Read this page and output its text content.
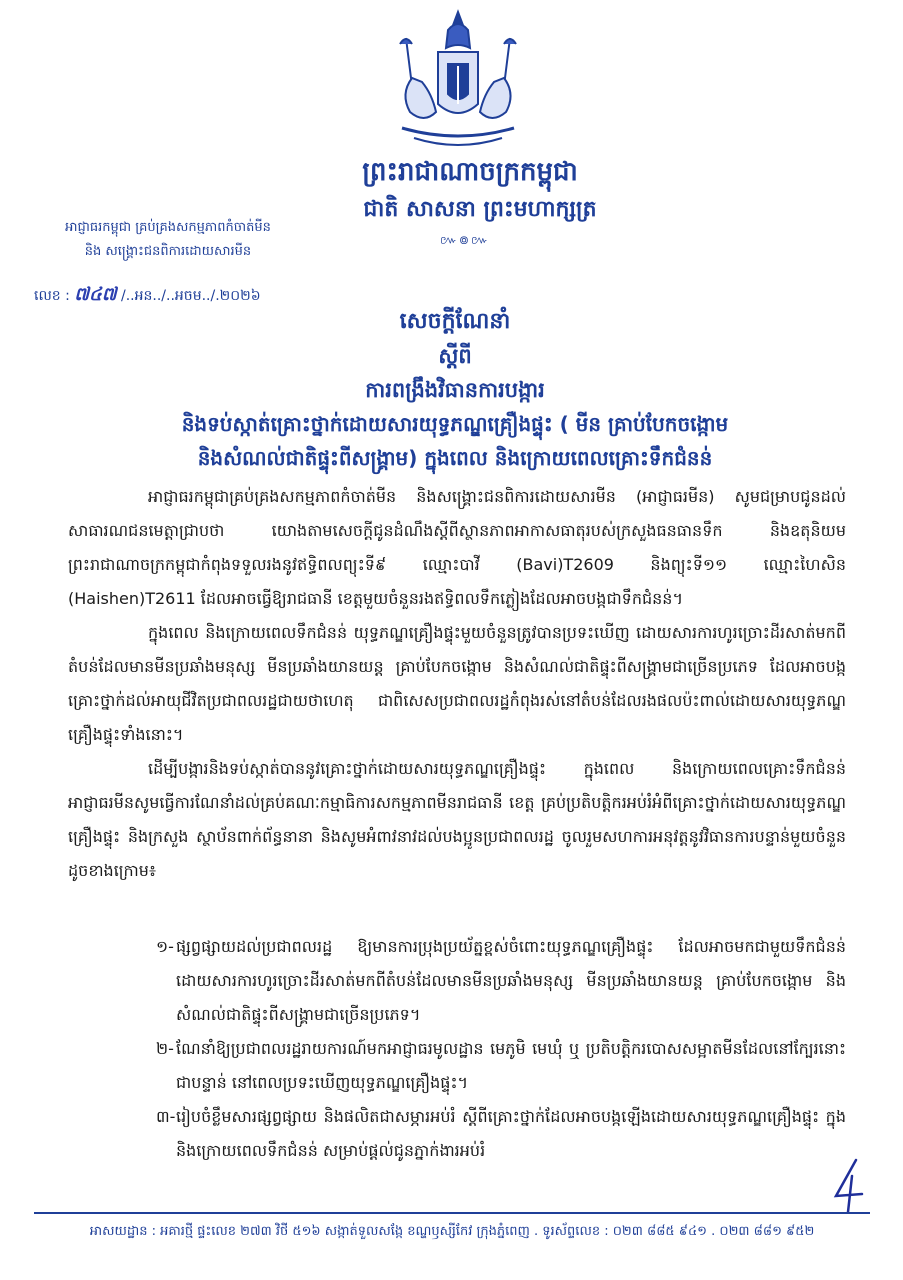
ព្រះរាជាណាចក្រកម្ពុជា
ជាតិ សាសនា ព្រះមហាក្សត្រ
៚៙៚
អាជ្ញាធរកម្ពុជា គ្រប់គ្រងសកម្មភាពកំចាត់មីន
និង សង្គ្រោះជនពិការដោយសារមីន
លេខ : ៧៤៧ /..អន../..អចម../.២០២៦
សេចក្តីណែនាំ
ស្តីពី
ការពង្រឹងវិធានការបង្ការ
និងទប់ស្កាត់គ្រោះថ្នាក់ដោយសារយុទ្ធភណ្ឌគ្រឿងផ្ទុះ ( មីន គ្រាប់បែកចង្កោម
និងសំណល់ជាតិផ្ទុះពីសង្គ្រាម) ក្នុងពេល និងក្រោយពេលគ្រោះទឹកជំនន់

អាជ្ញាធរកម្ពុជាគ្រប់គ្រងសកម្មភាពកំចាត់មីន និងសង្គ្រោះជនពិការដោយសារមីន (អាជ្ញាធរមីន) សូមជម្រាបជូនដល់សាធារណជនមេត្តាជ្រាបថា យោងតាមសេចក្តីជូនដំណឹងស្តីពីស្ថានភាពអាកាសធាតុរបស់ក្រសួងធនធានទឹក និងឧតុនិយម ព្រះរាជាណាចក្រកម្ពុជាកំពុងទទួលរងនូវឥទ្ធិពលព្យុះទី៩ ឈ្មោះបាវី (Bavi)T2609 និងព្យុះទី១១ ឈ្មោះហៃសិន (Haishen)T2611 ដែលអាចធ្វើឱ្យរាជធានី ខេត្តមួយចំនួនរងឥទ្ធិពលទឹកភ្លៀងដែលអាចបង្កជាទឹកជំនន់។

ក្នុងពេល និងក្រោយពេលទឹកជំនន់ យុទ្ធភណ្ឌគ្រឿងផ្ទុះមួយចំនួនត្រូវបានប្រទះឃើញ ដោយសារការហូរច្រោះដីរសាត់មកពីតំបន់ដែលមានមីនប្រឆាំងមនុស្ស មីនប្រឆាំងយានយន្ត គ្រាប់បែកចង្កោម និងសំណល់ជាតិផ្ទុះពីសង្គ្រាមជាច្រើនប្រភេទ ដែលអាចបង្កគ្រោះថ្នាក់ដល់អាយុជីវិតប្រជាពលរដ្ឋជាយថាហេតុ ជាពិសេសប្រជាពលរដ្ឋកំពុងរស់នៅតំបន់ដែលរងផលប៉ះពាល់ដោយសារយុទ្ធភណ្ឌគ្រឿងផ្ទុះទាំងនោះ។

ដើម្បីបង្ការនិងទប់ស្កាត់បាននូវគ្រោះថ្នាក់ដោយសារយុទ្ធភណ្ឌគ្រឿងផ្ទុះ ក្នុងពេល និងក្រោយពេលគ្រោះទឹកជំនន់ អាជ្ញាធរមីនសូមធ្វើការណែនាំដល់គ្រប់គណៈកម្មាធិការសកម្មភាពមីនរាជធានី ខេត្ត គ្រប់ប្រតិបត្តិករអប់រំអំពីគ្រោះថ្នាក់ដោយសារយុទ្ធភណ្ឌគ្រឿងផ្ទុះ និងក្រសួង ស្ថាប័នពាក់ព័ន្ធនានា និងសូមអំពាវនាវដល់បងប្អូនប្រជាពលរដ្ឋ ចូលរួមសហការអនុវត្តនូវវិធានការបន្ទាន់មួយចំនួនដូចខាងក្រោម៖

១- ផ្សព្វផ្សាយដល់ប្រជាពលរដ្ឋ ឱ្យមានការប្រុងប្រយ័ត្នខ្ពស់ចំពោះយុទ្ធភណ្ឌគ្រឿងផ្ទុះ ដែលអាចមកជាមួយទឹកជំនន់ ដោយសារការហូរច្រោះដីរសាត់មកពីតំបន់ដែលមានមីនប្រឆាំងមនុស្ស មីនប្រឆាំងយានយន្ត គ្រាប់បែកចង្កោម និងសំណល់ជាតិផ្ទុះពីសង្គ្រាមជាច្រើនប្រភេទ។
២- ណែនាំឱ្យប្រជាពលរដ្ឋរាយការណ៍មកអាជ្ញាធរមូលដ្ឋាន មេភូមិ មេឃុំ ឬ ប្រតិបត្តិករបោសសម្អាតមីនដែលនៅក្បែរនោះជាបន្ទាន់ នៅពេលប្រទះឃើញយុទ្ធភណ្ឌគ្រឿងផ្ទុះ។
៣- រៀបចំខ្លឹមសារផ្សព្វផ្សាយ និងផលិតជាសម្ភារអប់រំ ស្តីពីគ្រោះថ្នាក់ដែលអាចបង្កឡើងដោយសារយុទ្ធភណ្ឌគ្រឿងផ្ទុះ ក្នុង និងក្រោយពេលទឹកជំនន់ សម្រាប់ផ្តល់ជូនភ្នាក់ងារអប់រំ
អាសយដ្ឋាន : អគារថ្មី ផ្ទះលេខ ២៧៣ វិថី ៥១៦ សង្កាត់ទួលសង្កែ ខណ្ឌឫស្សីកែវ ក្រុងភ្នំពេញ . ទូរស័ព្ទលេខ : ០២៣ ៨៨៥ ៩៤១ . ០២៣ ៨៨១ ៩៥២
